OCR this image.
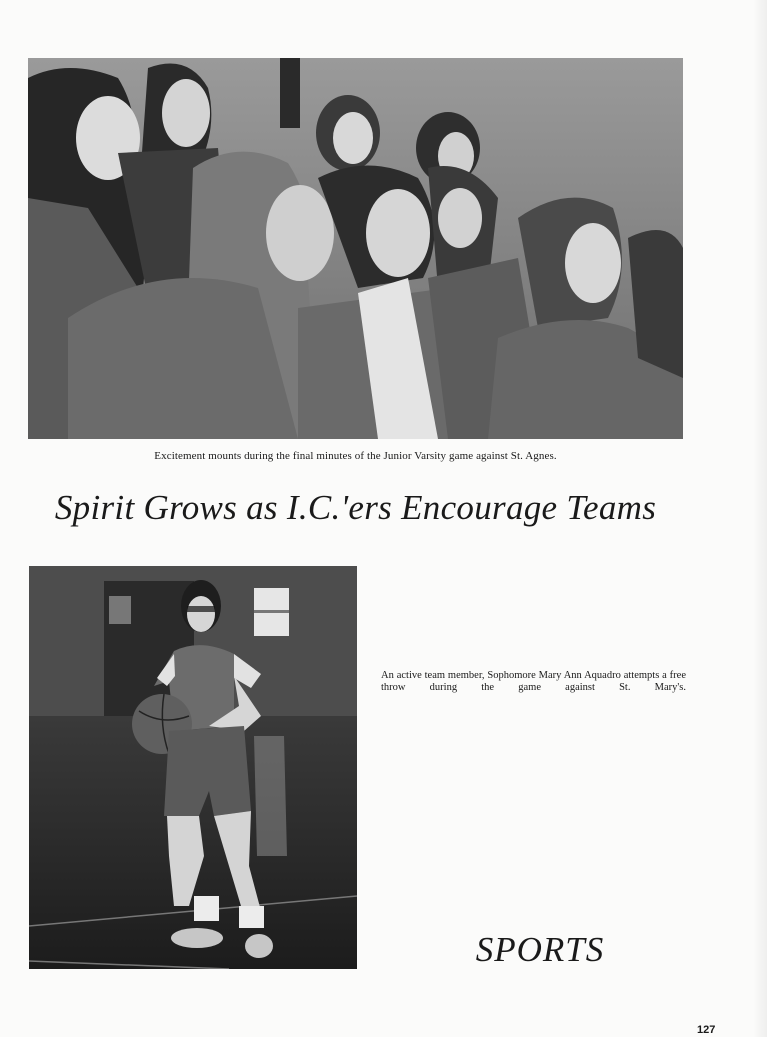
Excitement mounts during the final minutes of the Junior Varsity game against St. Agnes.
Spirit Grows as I.C.'ers Encourage Teams
An active team member, Sophomore Mary Ann Aquadro attempts a free throw during the game against St. Mary's.
SPORTS
127
